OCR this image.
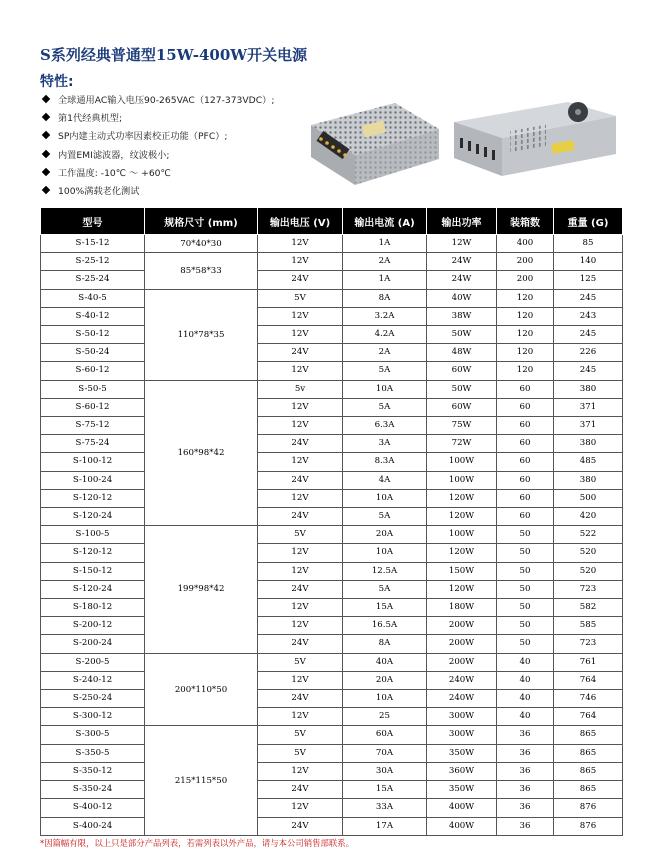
S系列经典普通型15W-400W开关电源
特性:
全球通用AC输入电压90-265VAC（127-373VDC）;
第1代经典机型;
SP内建主动式功率因素校正功能（PFC）;
内置EMI滤波器，纹波极小;
工作温度: -10℃ ～ +60℃
100%满载老化测试
型号	规格尺寸 (mm)	输出电压 (V)	输出电流 (A)	输出功率	装箱数	重量 (G)
S-15-12	70*40*30	12V	1A	12W	400	85
S-25-12	85*58*33	12V	2A	24W	200	140
S-25-24		24V	1A	24W	200	125
S-40-5	110*78*35	5V	8A	40W	120	245
S-40-12		12V	3.2A	38W	120	243
S-50-12		12V	4.2A	50W	120	245
S-50-24		24V	2A	48W	120	226
S-60-12		12V	5A	60W	120	245
S-50-5	160*98*42	5v	10A	50W	60	380
S-60-12		12V	5A	60W	60	371
S-75-12		12V	6.3A	75W	60	371
S-75-24		24V	3A	72W	60	380
S-100-12		12V	8.3A	100W	60	485
S-100-24		24V	4A	100W	60	380
S-120-12		12V	10A	120W	60	500
S-120-24		24V	5A	120W	60	420
S-100-5	199*98*42	5V	20A	100W	50	522
S-120-12		12V	10A	120W	50	520
S-150-12		12V	12.5A	150W	50	520
S-120-24		24V	5A	120W	50	723
S-180-12		12V	15A	180W	50	582
S-200-12		12V	16.5A	200W	50	585
S-200-24		24V	8A	200W	50	723
S-200-5	200*110*50	5V	40A	200W	40	761
S-240-12		12V	20A	240W	40	764
S-250-24		24V	10A	240W	40	746
S-300-12		12V	25	300W	40	764
S-300-5	215*115*50	5V	60A	300W	36	865
S-350-5		5V	70A	350W	36	865
S-350-12		12V	30A	360W	36	865
S-350-24		24V	15A	350W	36	865
S-400-12		12V	33A	400W	36	876
S-400-24		24V	17A	400W	36	876
*因篇幅有限，以上只是部分产品列表，若需列表以外产品，请与本公司销售部联系。
